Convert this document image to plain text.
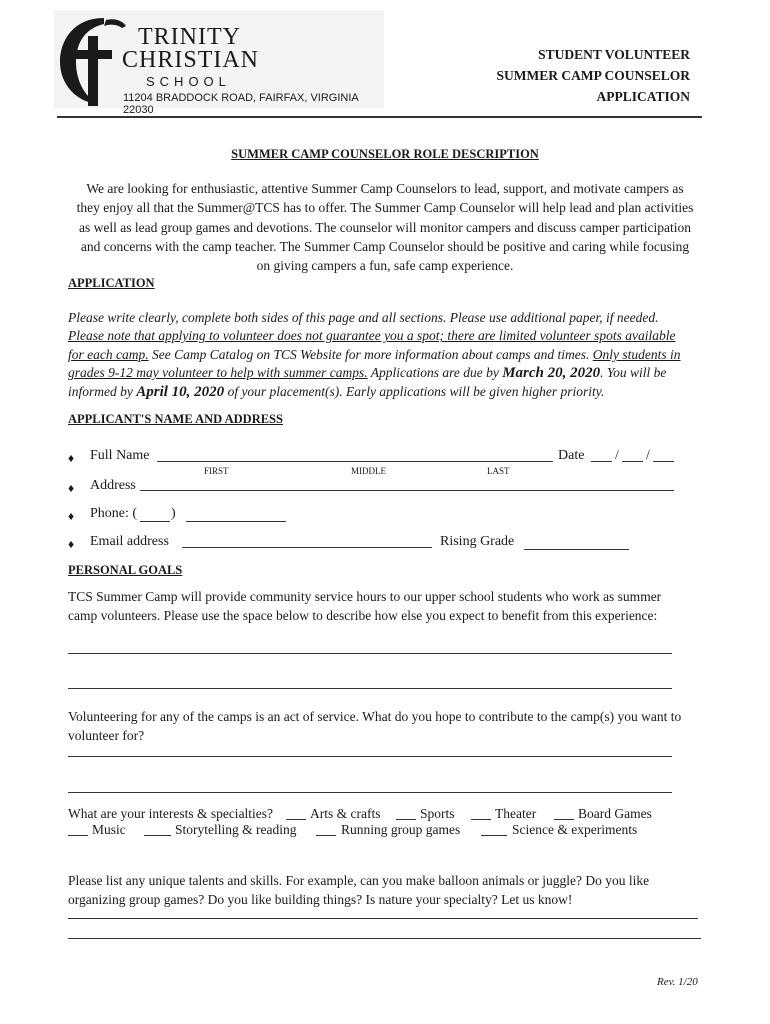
TRINITY
CHRISTIAN
SCHOOL
11204 BRADDOCK ROAD, FAIRFAX, VIRGINIA 22030
STUDENT VOLUNTEER
SUMMER CAMP COUNSELOR
APPLICATION
SUMMER CAMP COUNSELOR ROLE DESCRIPTION
We are looking for enthusiastic, attentive Summer Camp Counselors to lead, support, and motivate campers as
they enjoy all that the Summer@TCS has to offer. The Summer Camp Counselor will help lead and plan activities
as well as lead group games and devotions. The counselor will monitor campers and discuss camper participation
and concerns with the camp teacher. The Summer Camp Counselor should be positive and caring while focusing
on giving campers a fun, safe camp experience.
APPLICATION
Please write clearly, complete both sides of this page and all sections. Please use additional paper, if needed.
Please note that applying to volunteer does not guarantee you a spot; there are limited volunteer spots available
for each camp. See Camp Catalog on TCS Website for more information about camps and times. Only students in
grades 9-12 may volunteer to help with summer camps. Applications are due by March 20, 2020. You will be
informed by April 10, 2020 of your placement(s). Early applications will be given higher priority.
APPLICANT'S NAME AND ADDRESS
♦ Full Name	Date / /
FIRST	MIDDLE	LAST
♦ Address
♦ Phone: ( )
♦ Email address	Rising Grade
PERSONAL GOALS
TCS Summer Camp will provide community service hours to our upper school students who work as summer
camp volunteers. Please use the space below to describe how else you expect to benefit from this experience:
Volunteering for any of the camps is an act of service. What do you hope to contribute to the camp(s) you want to
volunteer for?
What are your interests & specialties?	Arts & crafts	Sports	Theater	Board Games
Music	Storytelling & reading	Running group games	Science & experiments
Please list any unique talents and skills. For example, can you make balloon animals or juggle? Do you like
organizing group games? Do you like building things? Is nature your specialty? Let us know!
Rev. 1/20
